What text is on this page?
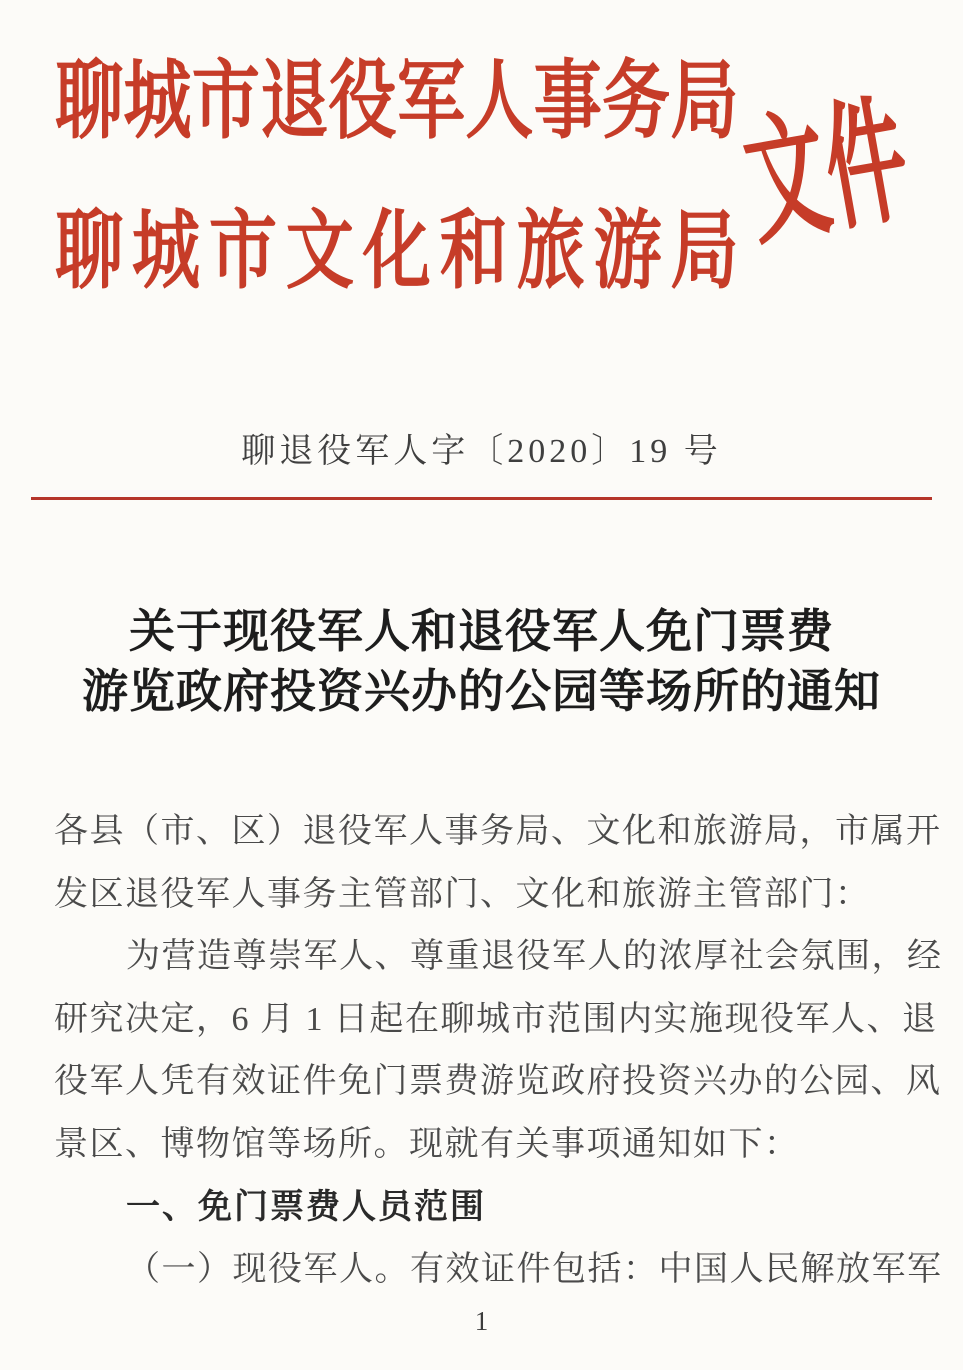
聊城市退役军人事务局
聊城市文化和旅游局
文件
聊退役军人字〔2020〕19 号
关于现役军人和退役军人免门票费
游览政府投资兴办的公园等场所的通知
各县（市、区）退役军人事务局、文化和旅游局，市属开
发区退役军人事务主管部门、文化和旅游主管部门：
为营造尊崇军人、尊重退役军人的浓厚社会氛围，经
研究决定，6 月 1 日起在聊城市范围内实施现役军人、退
役军人凭有效证件免门票费游览政府投资兴办的公园、风
景区、博物馆等场所。现就有关事项通知如下：
一、免门票费人员范围
（一）现役军人。有效证件包括：中国人民解放军军
1
